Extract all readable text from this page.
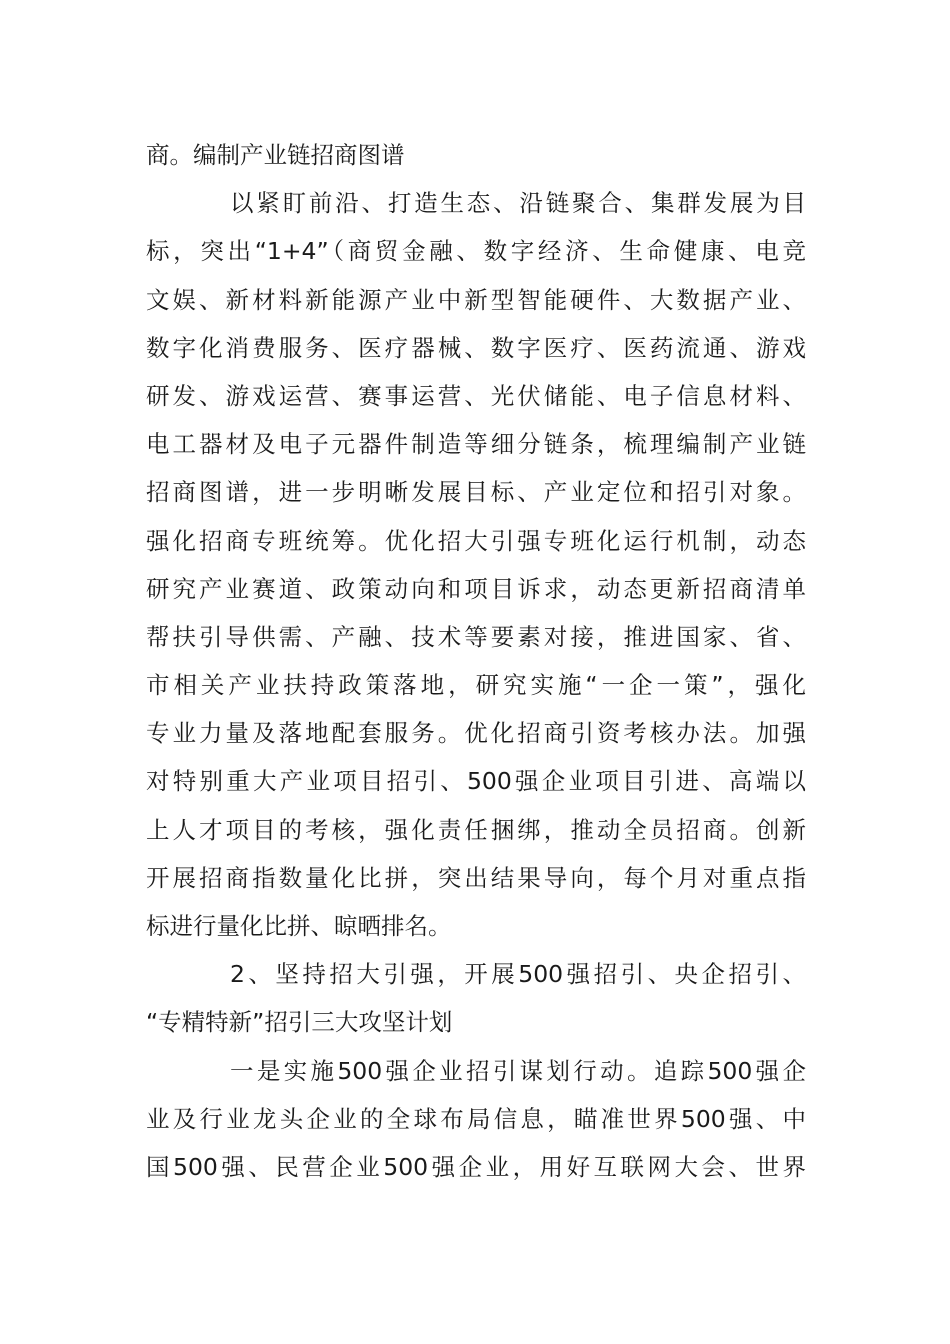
商。编制产业链招商图谱
以紧盯前沿、打造生态、沿链聚合、集群发展为目
标，突出“1+4”（商贸金融、数字经济、生命健康、电竞
文娱、新材料新能源产业中新型智能硬件、大数据产业、
数字化消费服务、医疗器械、数字医疗、医药流通、游戏
研发、游戏运营、赛事运营、光伏储能、电子信息材料、
电工器材及电子元器件制造等细分链条，梳理编制产业链
招商图谱，进一步明晰发展目标、产业定位和招引对象。
强化招商专班统筹。优化招大引强专班化运行机制，动态
研究产业赛道、政策动向和项目诉求，动态更新招商清单
帮扶引导供需、产融、技术等要素对接，推进国家、省、
市相关产业扶持政策落地，研究实施“一企一策”，强化
专业力量及落地配套服务。优化招商引资考核办法。加强
对特别重大产业项目招引、500强企业项目引进、高端以
上人才项目的考核，强化责任捆绑，推动全员招商。创新
开展招商指数量化比拼，突出结果导向，每个月对重点指
标进行量化比拼、晾晒排名。
2、坚持招大引强，开展500强招引、央企招引、
“专精特新”招引三大攻坚计划
一是实施500强企业招引谋划行动。追踪500强企
业及行业龙头企业的全球布局信息，瞄准世界500强、中
国500强、民营企业500强企业，用好互联网大会、世界
